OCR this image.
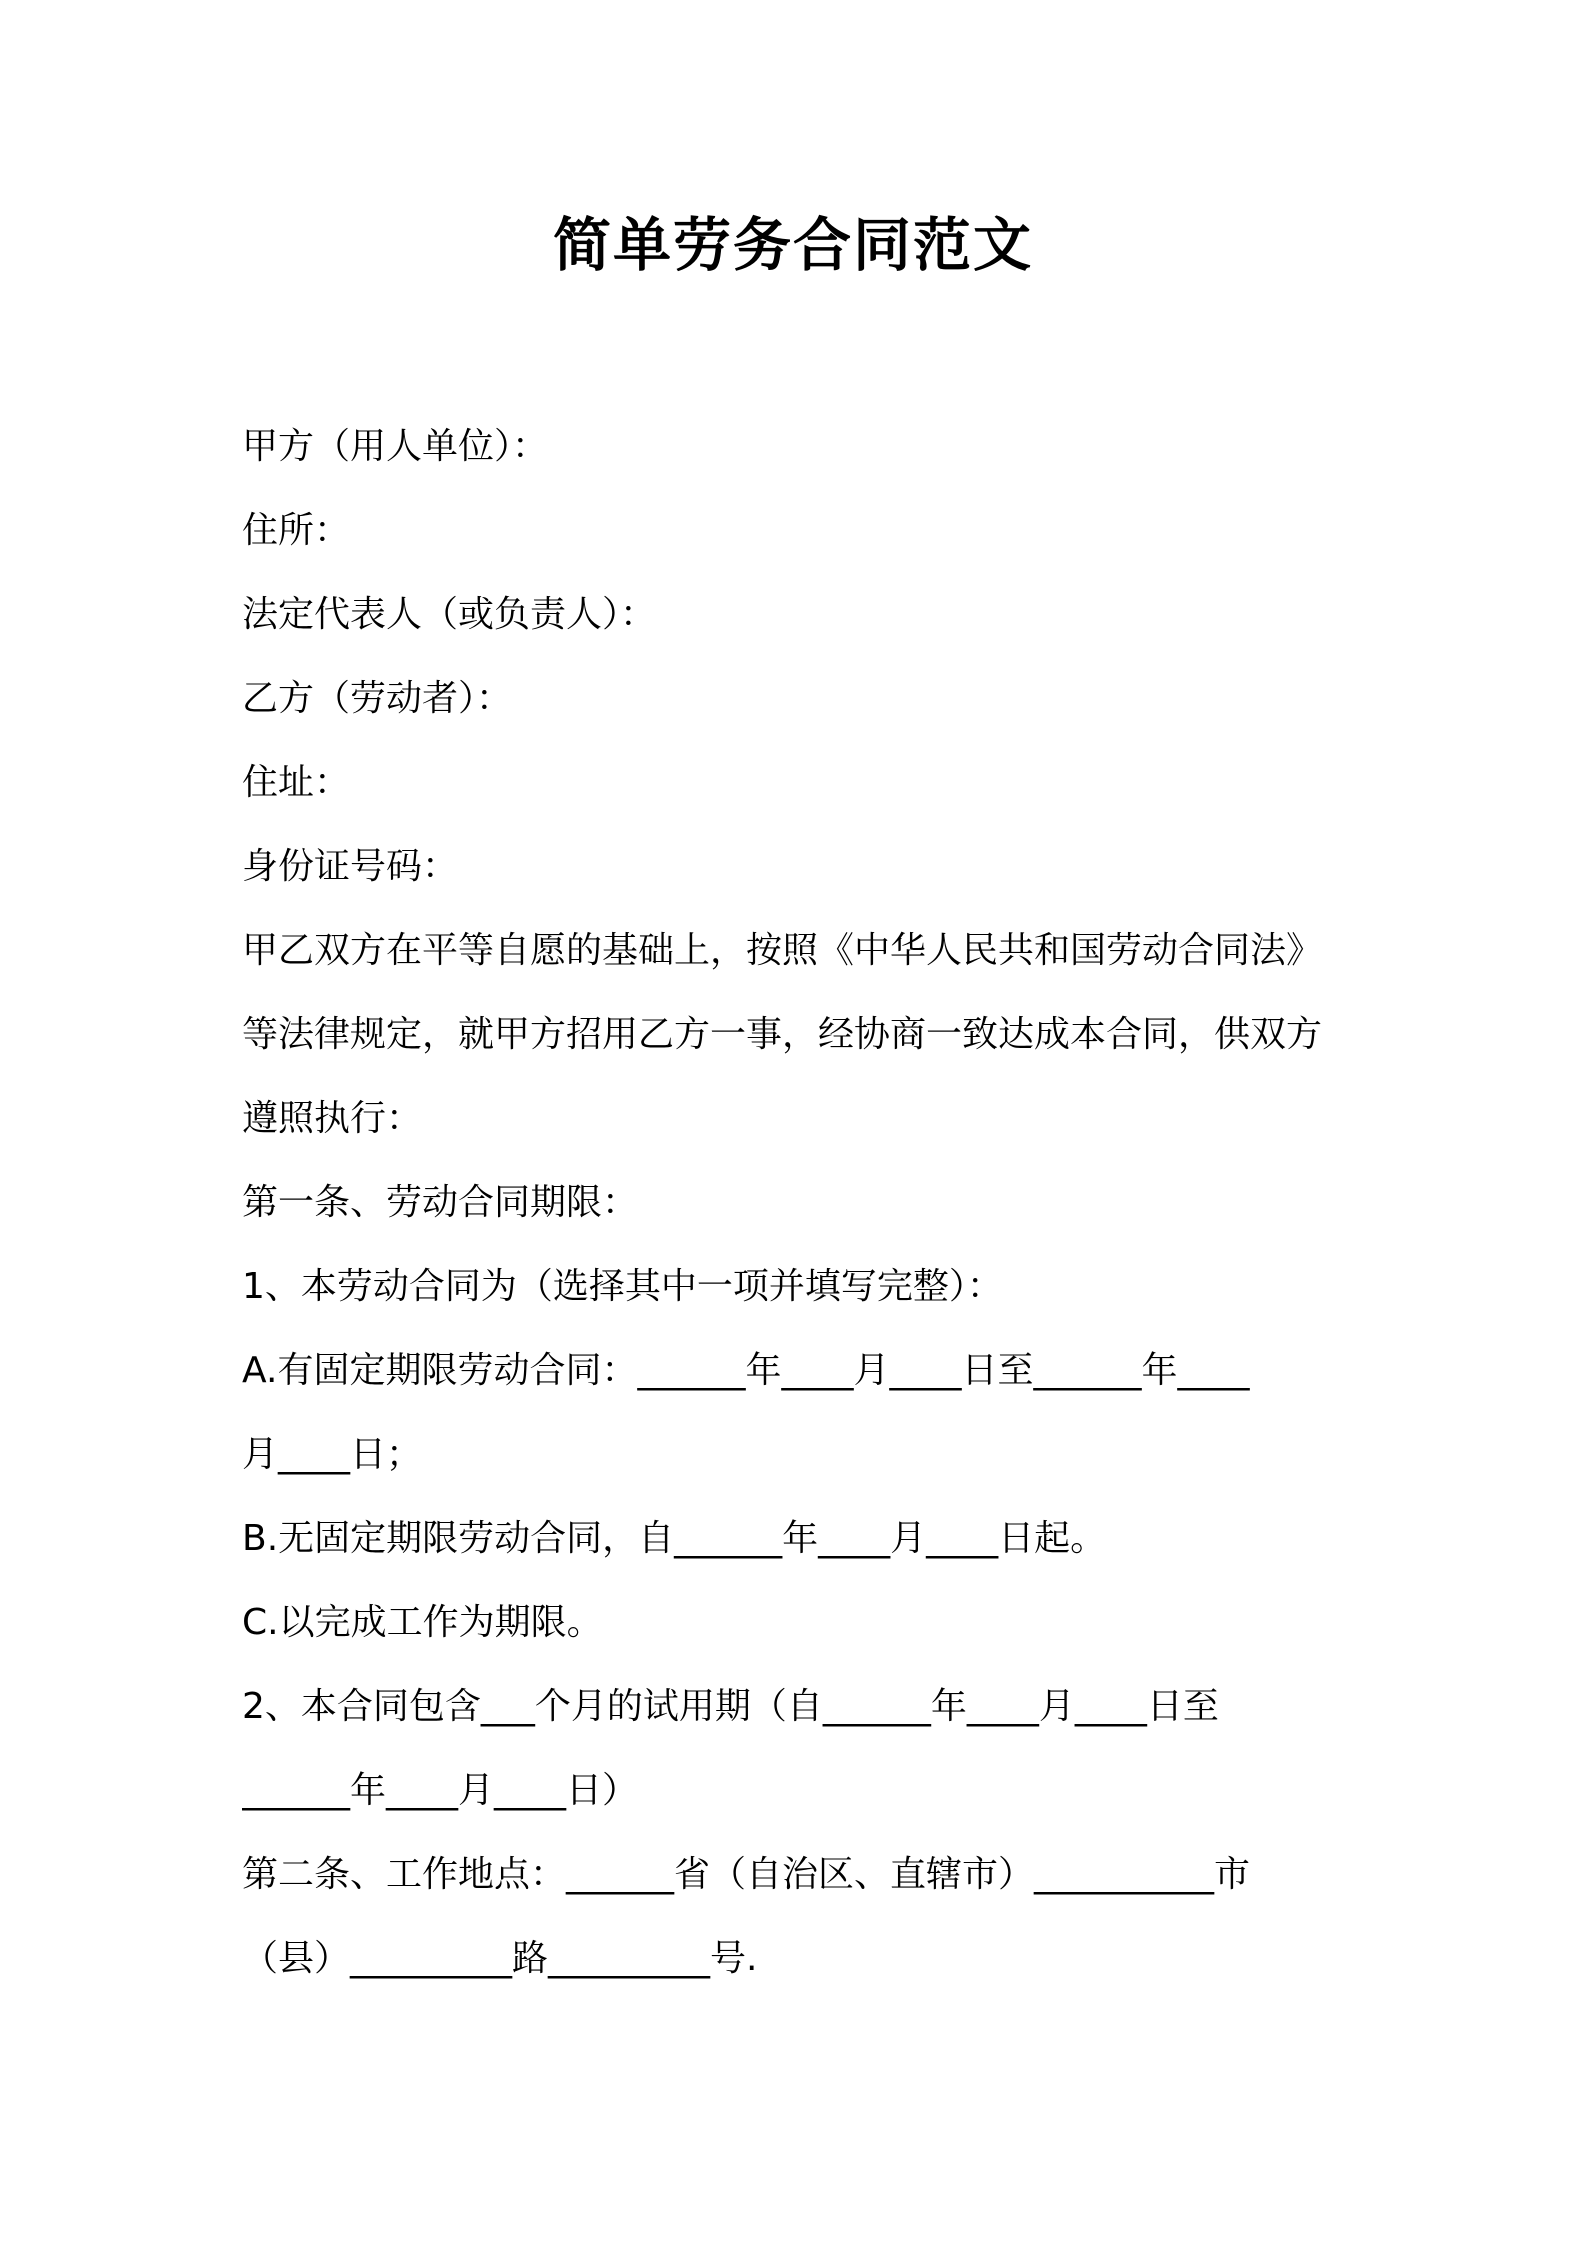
简单劳务合同范文
甲方（用人单位）：
住所：
法定代表人（或负责人）：
乙方（劳动者）：
住址：
身份证号码：
甲乙双方在平等自愿的基础上，按照《中华人民共和国劳动合同法》
等法律规定，就甲方招用乙方一事，经协商一致达成本合同，供双方
遵照执行：
第一条、劳动合同期限：
1、本劳动合同为（选择其中一项并填写完整）：
A.有固定期限劳动合同：______年____月____日至______年____
月____日；
B.无固定期限劳动合同，自______年____月____日起。
C.以完成工作为期限。
2、本合同包含___个月的试用期（自______年____月____日至
______年____月____日）
第二条、工作地点：______省（自治区、直辖市）__________市
（县）_________路_________号.
